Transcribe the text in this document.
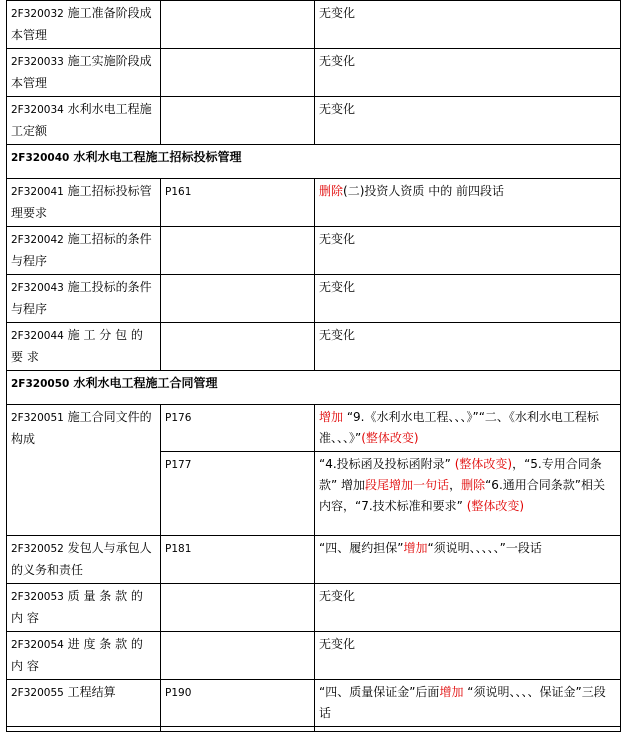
2F320032 施工准备阶段成本管理		无变化
2F320033 施工实施阶段成本管理		无变化
2F320034 水利水电工程施工定额		无变化
2F320040 水利水电工程施工招标投标管理		
2F320041 施工招标投标管理要求	P161	删除(二)投资人资质 中的 前四段话
2F320042 施工招标的条件与程序		无变化
2F320043 施工投标的条件与程序		无变化
2F320044 施 工 分 包 的 要 求		无变化
2F320050 水利水电工程施工合同管理		
2F320051 施工合同文件的构成	P176	增加 “9.《水利水电工程、、、》”“二、《水利水电工程标准、、、》”(整体改变)
	P177	“4.投标函及投标函附录” (整体改变)，“5.专用合同条款” 增加段尾增加一句话，删除“6.通用合同条款”相关内容，“7.技术标准和要求” (整体改变)
2F320052 发包人与承包人的义务和责任	P181	“四、履约担保”增加“须说明、、、、、”一段话
2F320053 质 量 条 款 的 内 容		无变化
2F320054 进 度 条 款 的 内 容		无变化
2F320055 工程结算	P190	“四、质量保证金”后面增加 “须说明、、、、保证金”三段话
